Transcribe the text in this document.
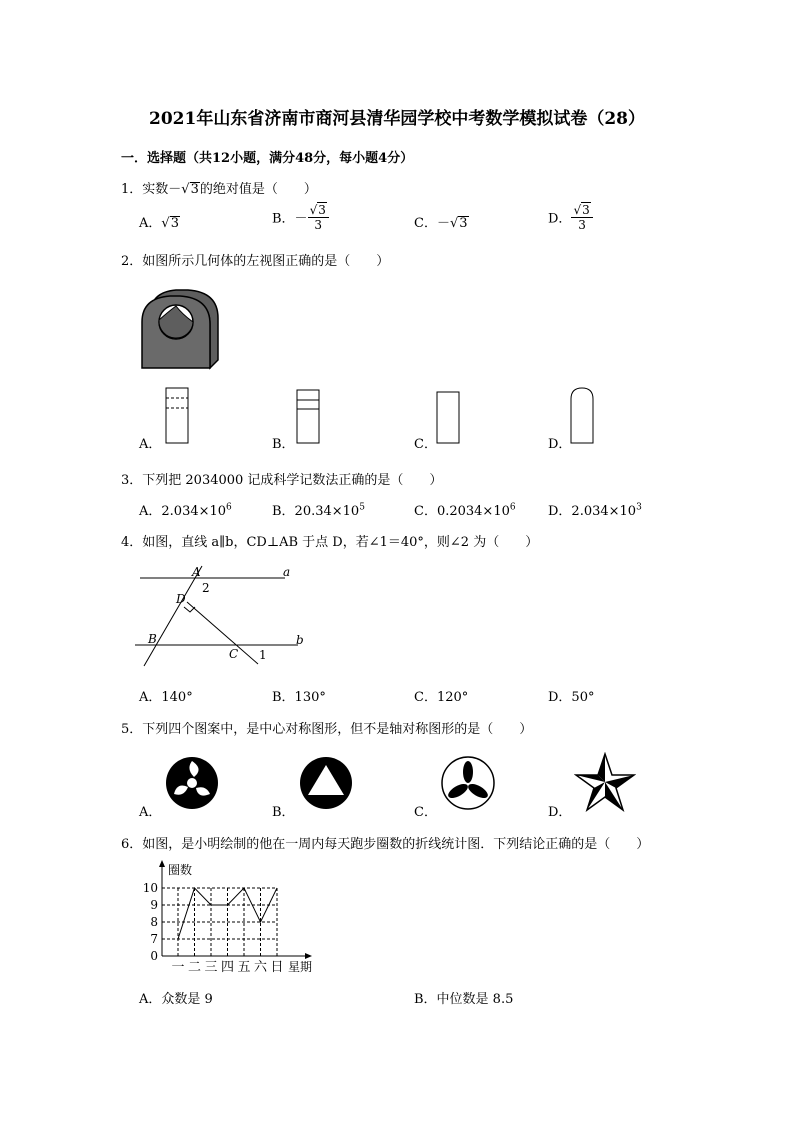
2021年山东省济南市商河县清华园学校中考数学模拟试卷（28）
一．选择题（共12小题，满分48分，每小题4分）
1．实数－√3的绝对值是（　　）
A．√3	B．－ $\frac{√3}{3}$	C．－√3	D． $\frac{√3}{3}$
2．如图所示几何体的左视图正确的是（　　）
A．	B．	C．	D．
3．下列把 2034000 记成科学记数法正确的是（　　）
A．$2.034\times 10^6$	B．$20.34\times 10^5$	C．$0.2034\times 10^6$ D．$2.034\times 10^3$
4．如图，直线 a∥b，CD⊥AB 于点 D，若∠1＝40°，则∠2 为（　　）
A	a
2
D
B	b
C 1
A．140°	B．130°	C．120°	D．50°
5．下列四个图案中，是中心对称图形，但不是轴对称图形的是（　　）
A．	B．	C．	D．
6．如图，是小明绘制的他在一周内每天跑步圈数的折线统计图．下列结论正确的是（　　）
圈数
星期
0
7
8
9
10
一 二 三 四 五 六 日
A．众数是 9	B．中位数是 8.5
